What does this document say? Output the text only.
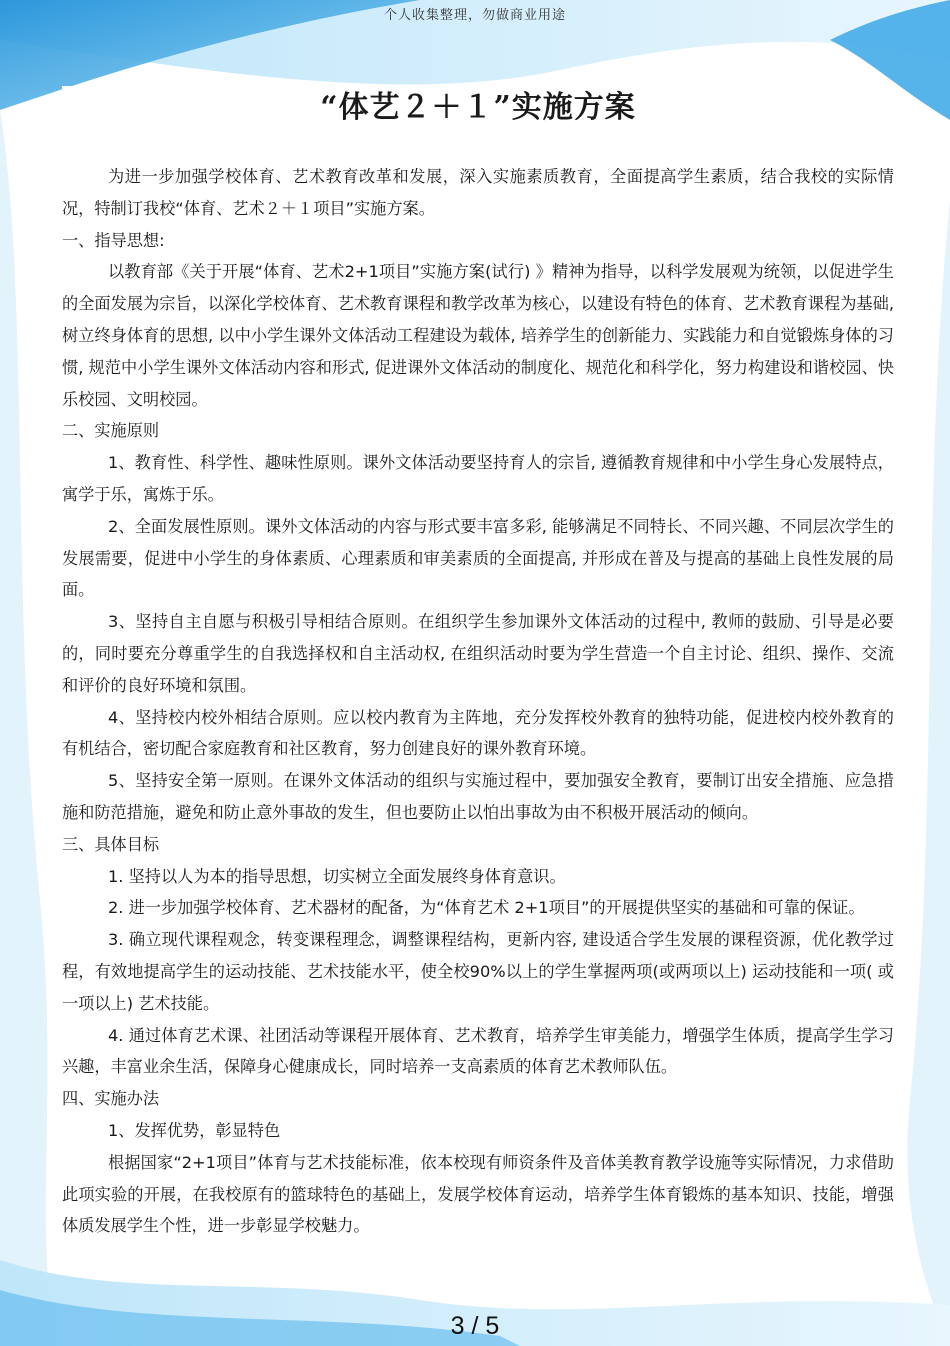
个人收集整理，勿做商业用途
“体艺２＋１”实施方案

为进一步加强学校体育、艺术教育改革和发展，深入实施素质教育，全面提高学生素质，结合我校的实际情况，特制订我校“体育、艺术２＋１项目”实施方案。

一、指导思想:

以教育部《关于开展“体育、艺术2+1项目”实施方案(试行) 》精神为指导，以科学发展观为统领，以促进学生的全面发展为宗旨，以深化学校体育、艺术教育课程和教学改革为核心，以建设有特色的体育、艺术教育课程为基础, 树立终身体育的思想, 以中小学生课外文体活动工程建设为载体, 培养学生的创新能力、实践能力和自觉锻炼身体的习惯, 规范中小学生课外文体活动内容和形式, 促进课外文体活动的制度化、规范化和科学化，努力构建设和谐校园、快乐校园、文明校园。

二、实施原则

1、教育性、科学性、趣味性原则。课外文体活动要坚持育人的宗旨, 遵循教育规律和中小学生身心发展特点，寓学于乐，寓炼于乐。

2、全面发展性原则。课外文体活动的内容与形式要丰富多彩, 能够满足不同特长、不同兴趣、不同层次学生的发展需要，促进中小学生的身体素质、心理素质和审美素质的全面提高, 并形成在普及与提高的基础上良性发展的局面。

3、坚持自主自愿与积极引导相结合原则。在组织学生参加课外文体活动的过程中, 教师的鼓励、引导是必要的，同时要充分尊重学生的自我选择权和自主活动权, 在组织活动时要为学生营造一个自主讨论、组织、操作、交流和评价的良好环境和氛围。

4、坚持校内校外相结合原则。应以校内教育为主阵地，充分发挥校外教育的独特功能，促进校内校外教育的有机结合，密切配合家庭教育和社区教育，努力创建良好的课外教育环境。

5、坚持安全第一原则。在课外文体活动的组织与实施过程中，要加强安全教育，要制订出安全措施、应急措施和防范措施，避免和防止意外事故的发生，但也要防止以怕出事故为由不积极开展活动的倾向。

三、具体目标

1. 坚持以人为本的指导思想，切实树立全面发展终身体育意识。

2. 进一步加强学校体育、艺术器材的配备，为“体育艺术 2+1项目”的开展提供坚实的基础和可靠的保证。

3. 确立现代课程观念，转变课程理念，调整课程结构，更新内容, 建设适合学生发展的课程资源，优化教学过程，有效地提高学生的运动技能、艺术技能水平，使全校90%以上的学生掌握两项(或两项以上) 运动技能和一项( 或一项以上) 艺术技能。

4. 通过体育艺术课、社团活动等课程开展体育、艺术教育，培养学生审美能力，增强学生体质，提高学生学习兴趣，丰富业余生活，保障身心健康成长，同时培养一支高素质的体育艺术教师队伍。

四、实施办法

1、发挥优势，彰显特色

根据国家“2+1项目”体育与艺术技能标准，依本校现有师资条件及音体美教育教学设施等实际情况，力求借助此项实验的开展，在我校原有的篮球特色的基础上，发展学校体育运动，培养学生体育锻炼的基本知识、技能，增强体质发展学生个性，进一步彰显学校魅力。

3 / 5
